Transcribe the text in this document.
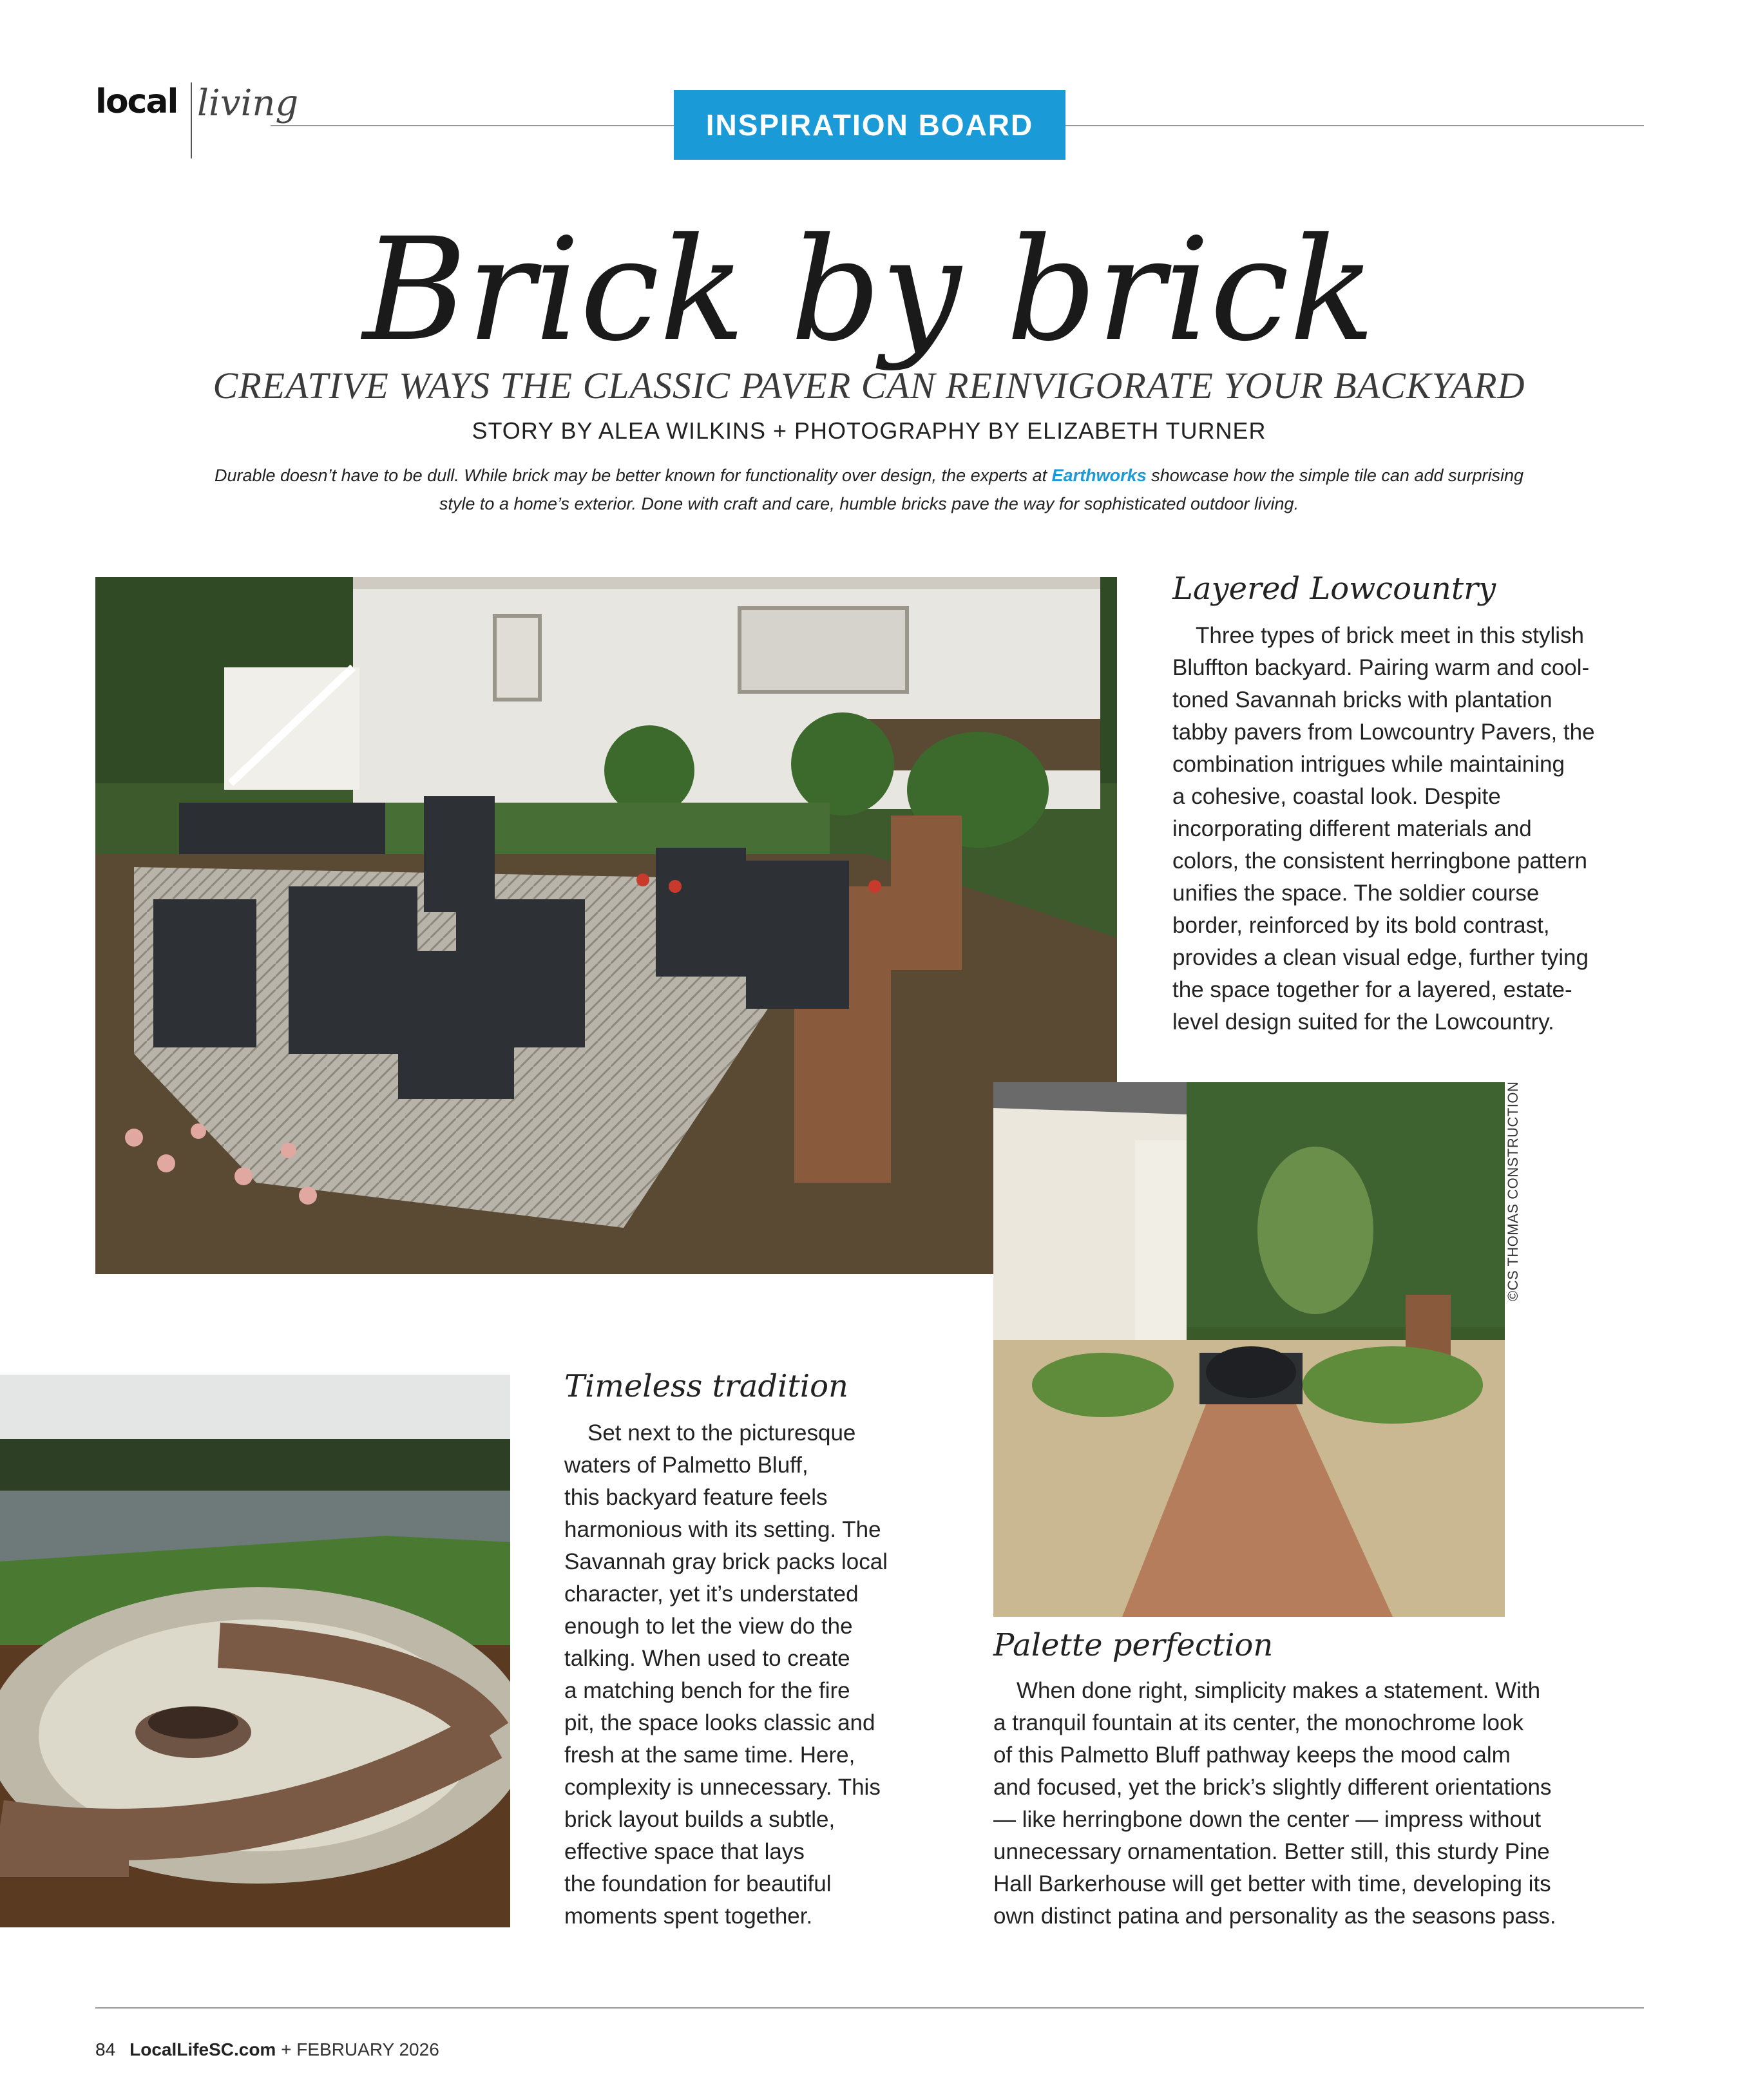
local living
INSPIRATION BOARD
Brick by brick
CREATIVE WAYS THE CLASSIC PAVER CAN REINVIGORATE YOUR BACKYARD
STORY BY ALEA WILKINS + PHOTOGRAPHY BY ELIZABETH TURNER
Durable doesn’t have to be dull. While brick may be better known for functionality over design, the experts at Earthworks showcase how the simple tile can add surprising style to a home’s exterior. Done with craft and care, humble bricks pave the way for sophisticated outdoor living.
Layered Lowcountry
Three types of brick meet in this stylish
Bluffton backyard. Pairing warm and cool-
toned Savannah bricks with plantation
tabby pavers from Lowcountry Pavers, the
combination intrigues while maintaining
a cohesive, coastal look. Despite
incorporating different materials and
colors, the consistent herringbone pattern
unifies the space. The soldier course
border, reinforced by its bold contrast,
provides a clean visual edge, further tying
the space together for a layered, estate-
level design suited for the Lowcountry.
©CS THOMAS CONSTRUCTION
Timeless tradition
Set next to the picturesque
waters of Palmetto Bluff,
this backyard feature feels
harmonious with its setting. The
Savannah gray brick packs local
character, yet it’s understated
enough to let the view do the
talking. When used to create
a matching bench for the fire
pit, the space looks classic and
fresh at the same time. Here,
complexity is unnecessary. This
brick layout builds a subtle,
effective space that lays
the foundation for beautiful
moments spent together.
Palette perfection
When done right, simplicity makes a statement. With
a tranquil fountain at its center, the monochrome look
of this Palmetto Bluff pathway keeps the mood calm
and focused, yet the brick’s slightly different orientations
— like herringbone down the center — impress without
unnecessary ornamentation. Better still, this sturdy Pine
Hall Barkerhouse will get better with time, developing its
own distinct patina and personality as the seasons pass.
84 LocalLifeSC.com + FEBRUARY 2026
